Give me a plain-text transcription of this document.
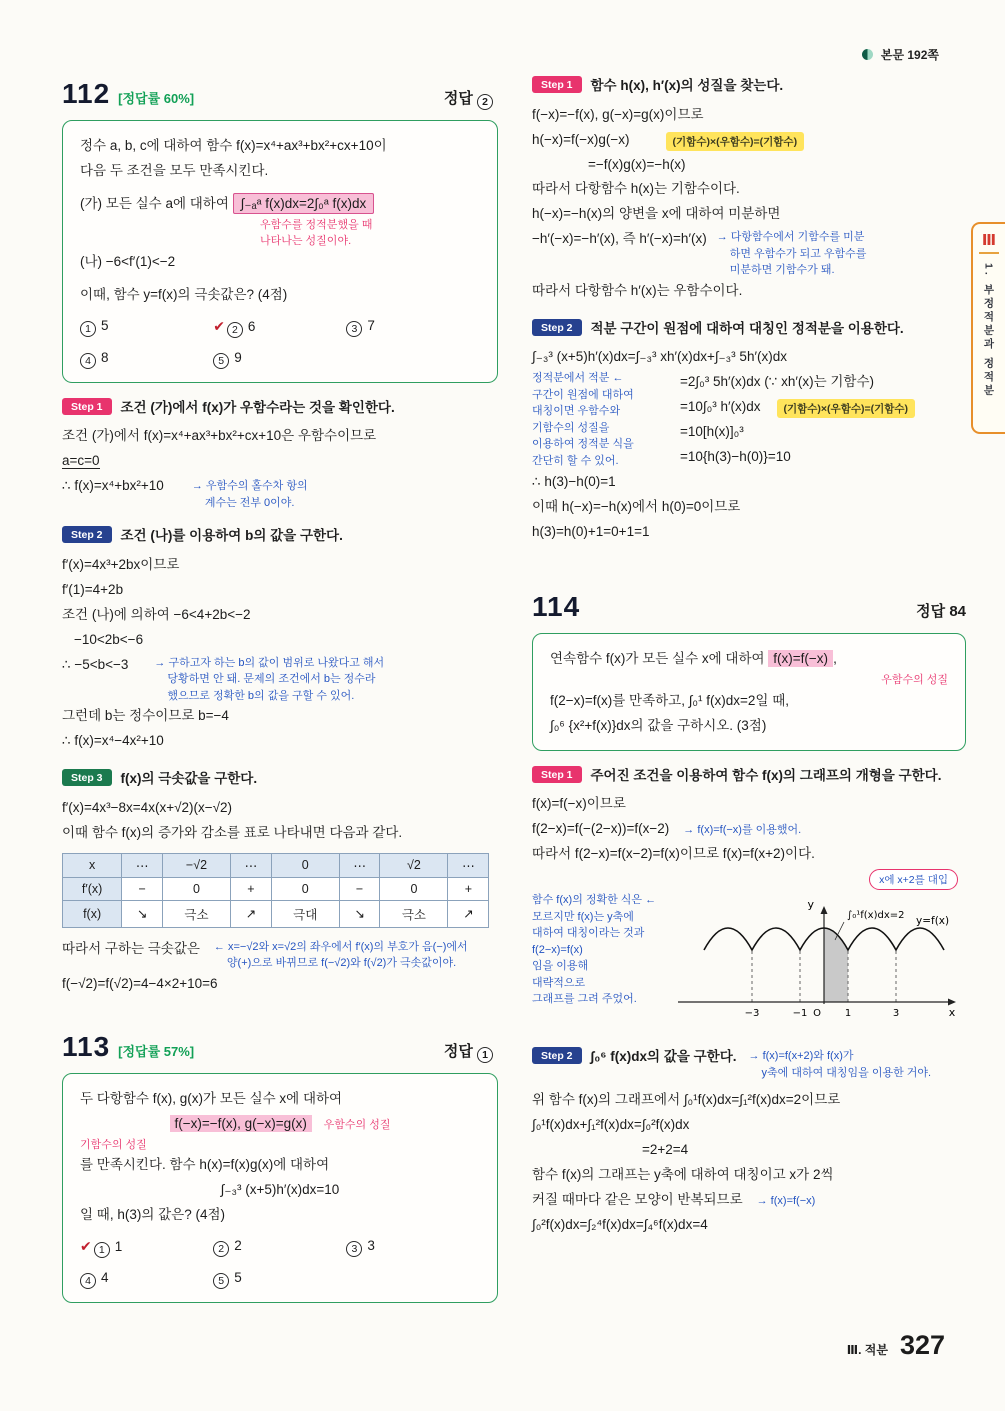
본문 192쪽
Ⅲ
1. 부정적분과 정적분
112 [정답률 60%]	정답 2
정수 a, b, c에 대하여 함수 f(x)=x⁴+ax³+bx²+cx+10이
다음 두 조건을 모두 만족시킨다.
(가) 모든 실수 a에 대하여 ∫₋ₐᵃ f(x)dx=2∫₀ᵃ f(x)dx
우함수를 정적분했을 때
나타나는 성질이야.
(나) −6<f′(1)<−2
이때, 함수 y=f(x)의 극솟값은? (4점)
1 5	✔ 2 6	3 7
4 8	5 9
Step 1	조건 (가)에서 f(x)가 우함수라는 것을 확인한다.
조건 (가)에서 f(x)=x⁴+ax³+bx²+cx+10은 우함수이므로
a=c=0
∴ f(x)=x⁴+bx²+10	→ 우함수의 홀수차 항의
계수는 전부 0이야.
Step 2	조건 (나)를 이용하여 b의 값을 구한다.
f′(x)=4x³+2bx이므로
f′(1)=4+2b
조건 (나)에 의하여 −6<4+2b<−2
−10<2b<−6
∴ −5<b<−3 → 구하고자 하는 b의 값이 범위로 나왔다고 해서
당황하면 안 돼. 문제의 조건에서 b는 정수라
했으므로 정확한 b의 값을 구할 수 있어.
그런데 b는 정수이므로 b=−4
∴ f(x)=x⁴−4x²+10
Step 3	f(x)의 극솟값을 구한다.
f′(x)=4x³−8x=4x(x+√2)(x−√2)
이때 함수 f(x)의 증가와 감소를 표로 나타내면 다음과 같다.
x	⋯	−√2	⋯	0	⋯	√2	⋯
f′(x)	−	0	+	0	−	0	+
f(x)	↘	극소	↗	극대	↘	극소	↗
따라서 구하는 극솟값은 ← x=−√2와 x=√2의 좌우에서 f′(x)의 부호가 음(−)에서
양(+)으로 바뀌므로 f(−√2)와 f(√2)가 극솟값이야.
f(−√2)=f(√2)=4−4×2+10=6
113 [정답률 57%]	정답 1
두 다항함수 f(x), g(x)가 모든 실수 x에 대하여
f(−x)=−f(x), g(−x)=g(x) 우함수의 성질
기함수의 성질
를 만족시킨다. 함수 h(x)=f(x)g(x)에 대하여
∫₋₃³ (x+5)h′(x)dx=10
일 때, h(3)의 값은? (4점)
✔ 1 1	2 2	3 3
4 4	5 5
Step 1	함수 h(x), h′(x)의 성질을 찾는다.
f(−x)=−f(x), g(−x)=g(x)이므로
h(−x)=f(−x)g(−x)	(기함수)×(우함수)=(기함수)
=−f(x)g(x)=−h(x)
따라서 다항함수 h(x)는 기함수이다.
h(−x)=−h(x)의 양변을 x에 대하여 미분하면
−h′(−x)=−h′(x), 즉 h′(−x)=h′(x) → 다항함수에서 기함수를 미분
하면 우함수가 되고 우함수를
미분하면 기함수가 돼.
따라서 다항함수 h′(x)는 우함수이다.
Step 2	적분 구간이 원점에 대하여 대칭인 정적분을 이용한다.
∫₋₃³ (x+5)h′(x)dx=∫₋₃³ xh′(x)dx+∫₋₃³ 5h′(x)dx
정적분에서 적분 ←
구간이 원점에 대하여
대칭이면 우함수와
기함수의 성질을
이용하여 정적분 식을
간단히 할 수 있어.
=2∫₀³ 5h′(x)dx (∵ xh′(x)는 기함수)
=10∫₀³ h′(x)dx	(기함수)×(우함수)=(기함수)
=10[h(x)]₀³
=10{h(3)−h(0)}=10
∴ h(3)−h(0)=1
이때 h(−x)=−h(x)에서 h(0)=0이므로
h(3)=h(0)+1=0+1=1
114	정답 84
연속함수 f(x)가 모든 실수 x에 대하여 f(x)=f(−x) ,
우함수의 성질
f(2−x)=f(x)를 만족하고, ∫₀¹ f(x)dx=2일 때,
∫₀⁶ {x²+f(x)}dx의 값을 구하시오. (3점)
Step 1	주어진 조건을 이용하여 함수 f(x)의 그래프의 개형을 구한다.
f(x)=f(−x)이므로
f(2−x)=f(−(2−x))=f(x−2) → f(x)=f(−x)를 이용했어.
따라서 f(2−x)=f(x−2)=f(x)이므로 f(x)=f(x+2)이다.
x에 x+2를 대입
함수 f(x)의 정확한 식은 ←
모르지만 f(x)는 y축에
대하여 대칭이라는 것과
f(2−x)=f(x)
임을 이용해
대략적으로
그래프를 그려 주었어.
y
∫₀¹f(x)dx=2 y=f(x)
−3	−1 O 1	3	x
Step 2	∫₀⁶ f(x)dx의 값을 구한다. → f(x)=f(x+2)와 f(x)가
y축에 대하여 대칭임을 이용한 거야.
위 함수 f(x)의 그래프에서 ∫₀¹f(x)dx=∫₁²f(x)dx=2이므로
∫₀¹f(x)dx+∫₁²f(x)dx=∫₀²f(x)dx
=2+2=4
함수 f(x)의 그래프는 y축에 대하여 대칭이고 x가 2씩
커질 때마다 같은 모양이 반복되므로 → f(x)=f(−x)
∫₀²f(x)dx=∫₂⁴f(x)dx=∫₄⁶f(x)dx=4
Ⅲ. 적분 327
